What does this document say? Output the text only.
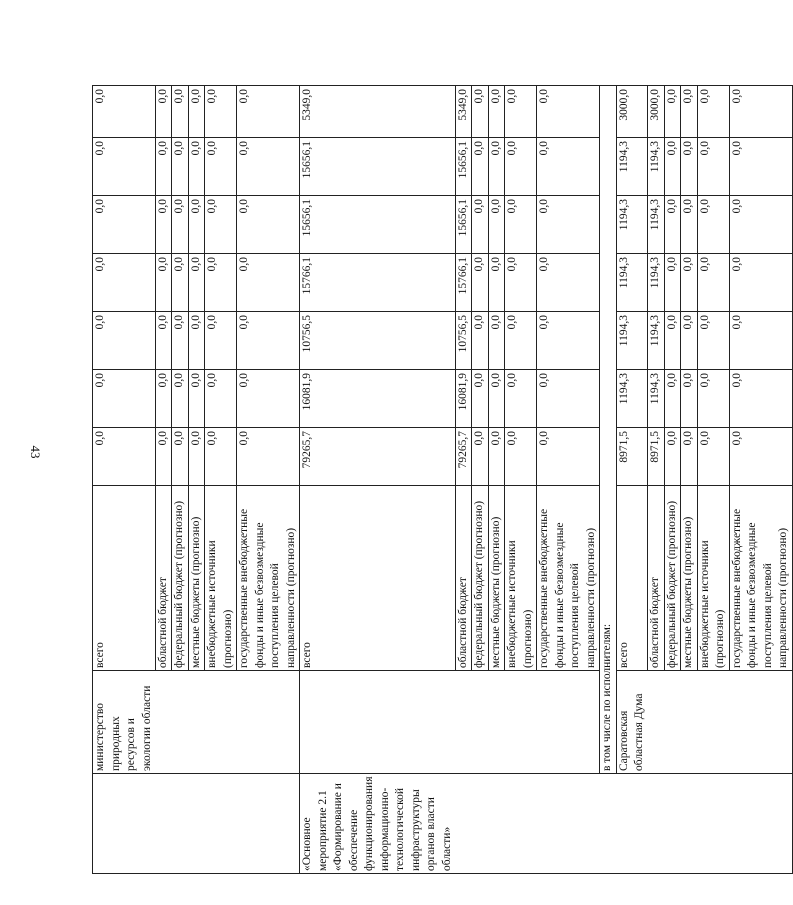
43
	министерство природных ресурсов и экологии области	всего	0,0	0,0	0,0	0,0	0,0	0,0	0,0
		областной бюджет	0,0	0,0	0,0	0,0	0,0	0,0	0,0
		федеральный бюджет (прогнозно)	0,0	0,0	0,0	0,0	0,0	0,0	0,0
		местные бюджеты (прогнозно)	0,0	0,0	0,0	0,0	0,0	0,0	0,0
		внебюджетные источники (прогнозно)	0,0	0,0	0,0	0,0	0,0	0,0	0,0
		государственные внебюджетные фонды и иные безвозмездные поступления целевой направленности (прогнозно)	0,0	0,0	0,0	0,0	0,0	0,0	0,0
«Основное мероприятие 2.1 «Формирование и обеспечение функционирования информационно-технологической инфраструктуры органов власти области»		всего	79265,7	16081,9	10756,5	15766,1	15656,1	15656,1	5349,0
		областной бюджет	79265,7	16081,9	10756,5	15766,1	15656,1	15656,1	5349,0
		федеральный бюджет (прогнозно)	0,0	0,0	0,0	0,0	0,0	0,0	0,0
		местные бюджеты (прогнозно)	0,0	0,0	0,0	0,0	0,0	0,0	0,0
		внебюджетные источники (прогнозно)	0,0	0,0	0,0	0,0	0,0	0,0	0,0
		государственные внебюджетные фонды и иные безвозмездные поступления целевой направленности (прогнозно)	0,0	0,0	0,0	0,0	0,0	0,0	0,0
	в том числе по исполнителям:								
	Саратовская областная Дума	всего	8971,5	1194,3	1194,3	1194,3	1194,3	1194,3	3000,0
		областной бюджет	8971,5	1194,3	1194,3	1194,3	1194,3	1194,3	3000,0
		федеральный бюджет (прогнозно)	0,0	0,0	0,0	0,0	0,0	0,0	0,0
		местные бюджеты (прогнозно)	0,0	0,0	0,0	0,0	0,0	0,0	0,0
		внебюджетные источники (прогнозно)	0,0	0,0	0,0	0,0	0,0	0,0	0,0
		государственные внебюджетные фонды и иные безвозмездные поступления целевой направленности (прогнозно)	0,0	0,0	0,0	0,0	0,0	0,0	0,0
